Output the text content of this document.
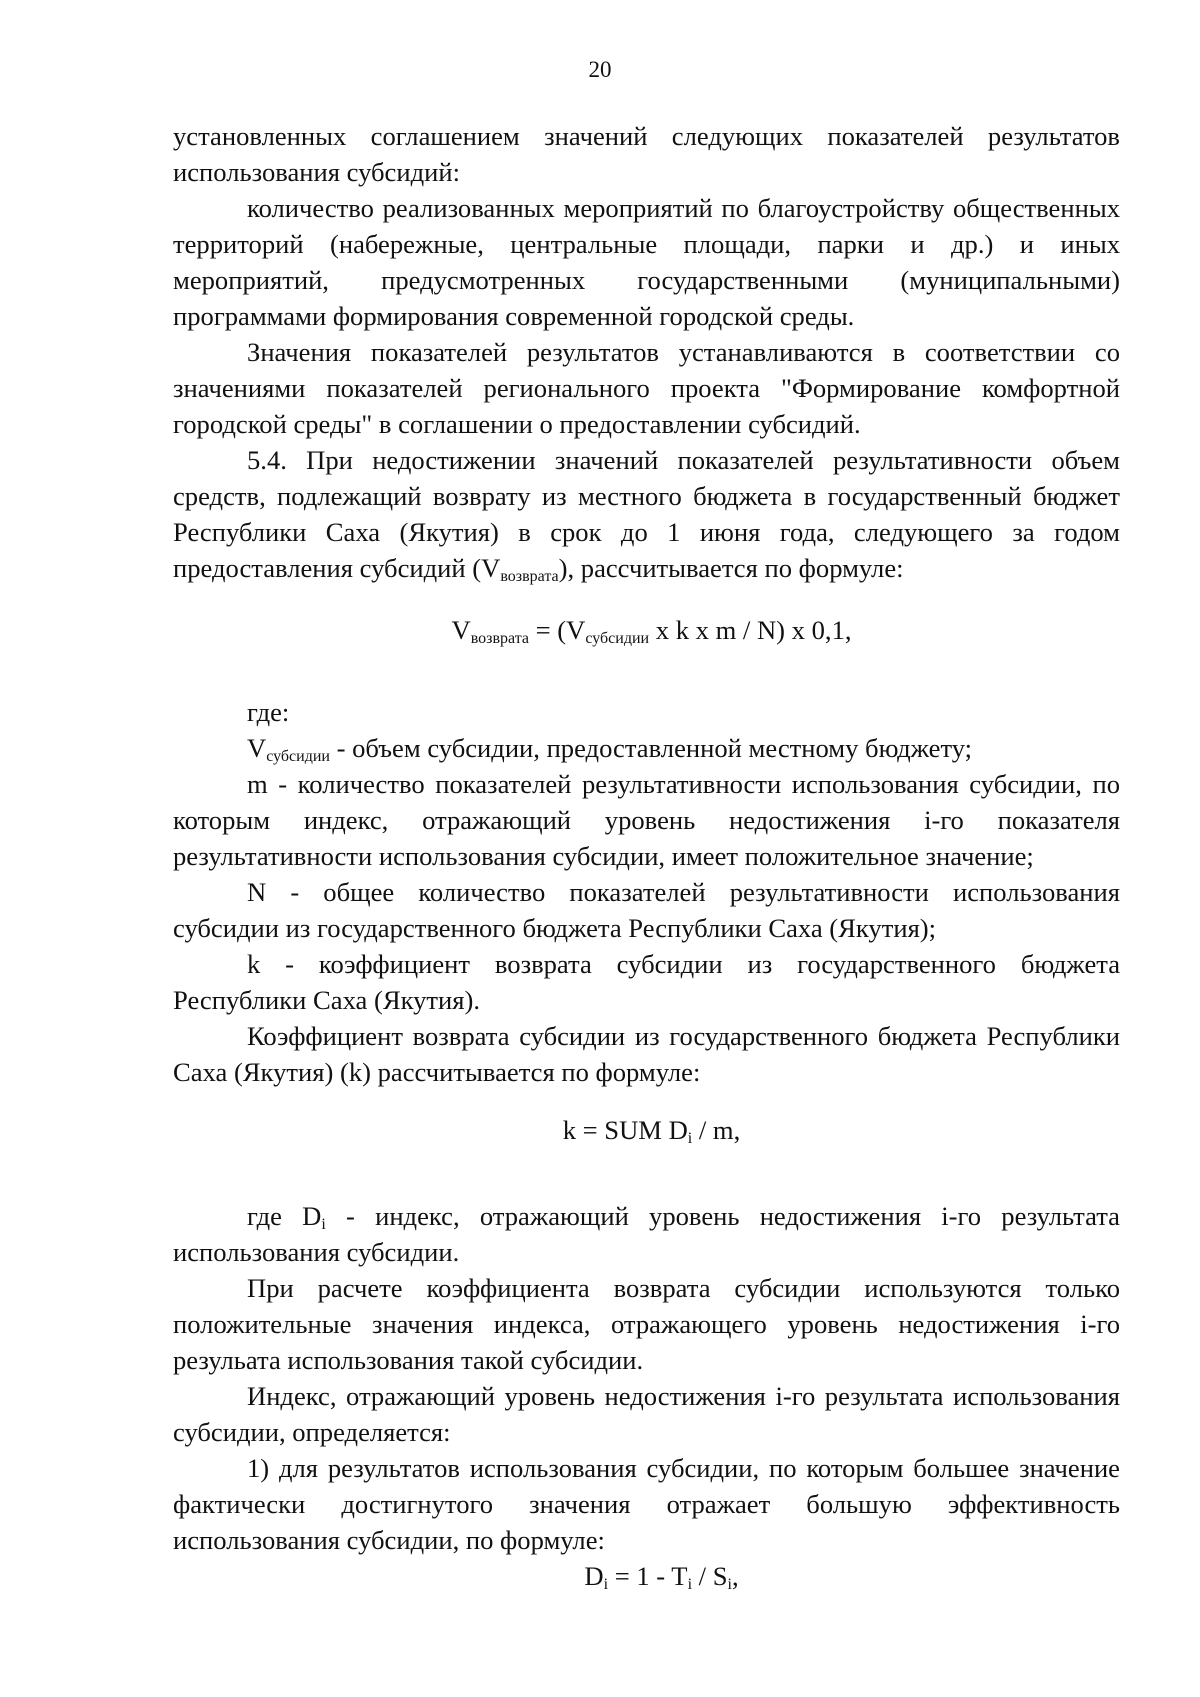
20

установленных соглашением значений следующих показателей результатов использования субсидий:

количество реализованных мероприятий по благоустройству общественных территорий (набережные, центральные площади, парки и др.) и иных мероприятий, предусмотренных государственными (муниципальными) программами формирования современной городской среды.

Значения показателей результатов устанавливаются в соответствии со значениями показателей регионального проекта "Формирование комфортной городской среды" в соглашении о предоставлении субсидий.

5.4. При недостижении значений показателей результативности объем средств, подлежащий возврату из местного бюджета в государственный бюджет Республики Саха (Якутия) в срок до 1 июня года, следующего за годом предоставления субсидий $(V_{возврата})$, рассчитывается по формуле:

$V_{возврата} = (V_{субсидии}$ x k x m / N) x 0,1,

где:

$V_{субсидии}$ - объем субсидии, предоставленной местному бюджету;

m - количество показателей результативности использования субсидии, по которым индекс, отражающий уровень недостижения i-го показателя результативности использования субсидии, имеет положительное значение;

N - общее количество показателей результативности использования субсидии из государственного бюджета Республики Саха (Якутия);

k - коэффициент возврата субсидии из государственного бюджета Республики Саха (Якутия).

Коэффициент возврата субсидии из государственного бюджета Республики Саха (Якутия) (k) рассчитывается по формуле:

k = SUM $D_i$ / m,

где $D_i$ - индекс, отражающий уровень недостижения i-го результата использования субсидии.

При расчете коэффициента возврата субсидии используются только положительные значения индекса, отражающего уровень недостижения i-го резульата использования такой субсидии.

Индекс, отражающий уровень недостижения i-го результата использования субсидии, определяется:

1) для результатов использования субсидии, по которым большее значение фактически достигнутого значения отражает большую эффективность использования субсидии, по формуле:

$D_i = 1 - T_i / S_i$,
